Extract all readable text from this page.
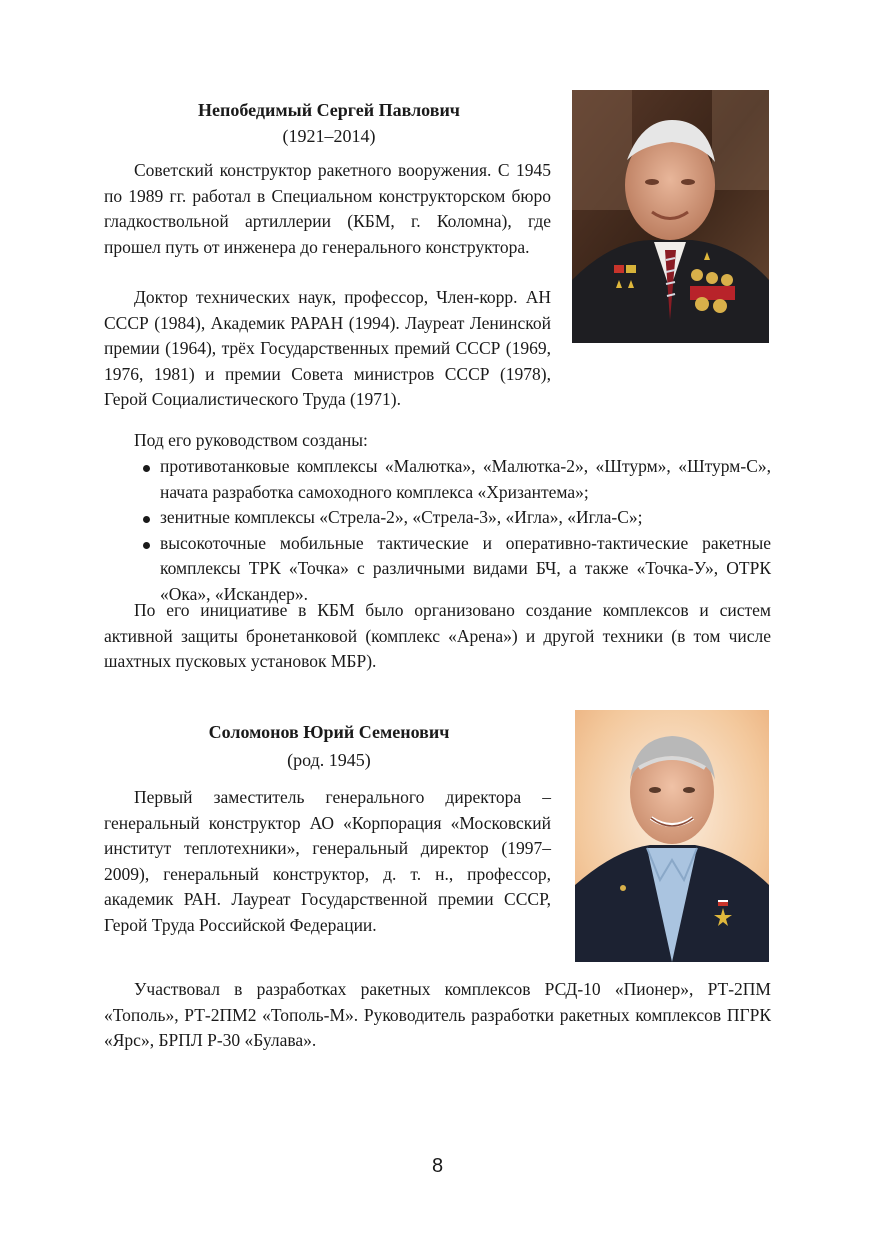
Непобедимый Сергей Павлович
(1921–2014)

Советский конструктор ракетного вооружения. С 1945 по 1989 гг. работал в Специальном конструкторском бюро гладкоствольной артиллерии (КБМ, г. Коломна), где прошел путь от инженера до генерального конструктора.

Доктор технических наук, профессор, Член-корр. АН СССР (1984), Академик РАРАН (1994). Лауреат Ленинской премии (1964), трёх Государственных премий СССР (1969, 1976, 1981) и премии Совета министров СССР (1978), Герой Социалистического Труда (1971).

Под его руководством созданы:

противотанковые комплексы «Малютка», «Малютка-2», «Штурм», «Штурм-С», начата разработка самоходного комплекса «Хризантема»;
зенитные комплексы «Стрела-2», «Стрела-3», «Игла», «Игла-С»;
высокоточные мобильные тактические и оперативно-тактические ракетные комплексы ТРК «Точка» с различными видами БЧ, а также «Точка-У», ОТРК «Ока», «Искандер».

По его инициативе в КБМ было организовано создание комплексов и систем активной защиты бронетанковой (комплекс «Арена») и другой техники (в том числе шахтных пусковых установок МБР).

Соломонов Юрий Семенович
(род. 1945)

Первый заместитель генерального директора – генеральный конструктор АО «Корпорация «Московский институт теплотехники», генеральный директор (1997–2009), генеральный конструктор, д. т. н., профессор, академик РАН. Лауреат Государственной премии СССР, Герой Труда Российской Федерации.

Участвовал в разработках ракетных комплексов РСД-10 «Пионер», РТ-2ПМ «Тополь», РТ-2ПМ2 «Тополь-М». Руководитель разработки ракетных комплексов ПГРК «Ярс», БРПЛ Р-30 «Булава».

8
